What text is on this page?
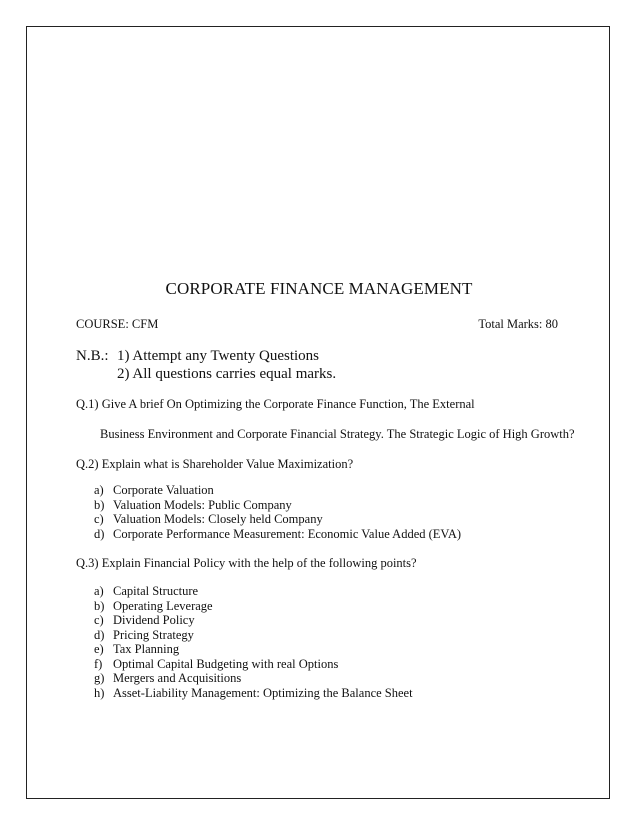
CORPORATE FINANCE MANAGEMENT
COURSE: CFM	Total Marks: 80
N.B.: 1) Attempt any Twenty Questions
2) All questions carries equal marks.
Q.1) Give A brief On Optimizing the Corporate Finance Function, The External
Business Environment and Corporate Financial Strategy. The Strategic Logic of High Growth?
Q.2) Explain what is Shareholder Value Maximization?
a) Corporate Valuation
b) Valuation Models: Public Company
c) Valuation Models: Closely held Company
d) Corporate Performance Measurement: Economic Value Added (EVA)
Q.3) Explain Financial Policy with the help of the following points?
a) Capital Structure
b) Operating Leverage
c) Dividend Policy
d) Pricing Strategy
e) Tax Planning
f) Optimal Capital Budgeting with real Options
g) Mergers and Acquisitions
h) Asset-Liability Management: Optimizing the Balance Sheet
